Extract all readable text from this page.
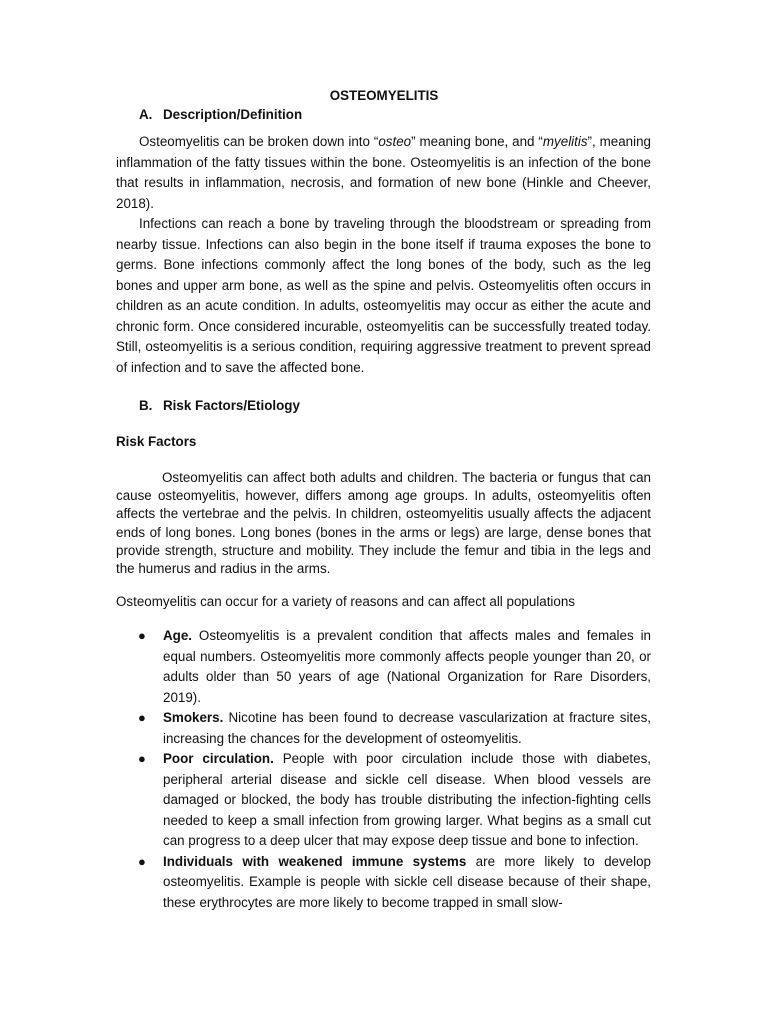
OSTEOMYELITIS
A. Description/Definition

Osteomyelitis can be broken down into “osteo” meaning bone, and “myelitis”, meaning inflammation of the fatty tissues within the bone. Osteomyelitis is an infection of the bone that results in inflammation, necrosis, and formation of new bone (Hinkle and Cheever, 2018).

Infections can reach a bone by traveling through the bloodstream or spreading from nearby tissue. Infections can also begin in the bone itself if trauma exposes the bone to germs. Bone infections commonly affect the long bones of the body, such as the leg bones and upper arm bone, as well as the spine and pelvis. Osteomyelitis often occurs in children as an acute condition. In adults, osteomyelitis may occur as either the acute and chronic form. Once considered incurable, osteomyelitis can be successfully treated today. Still, osteomyelitis is a serious condition, requiring aggressive treatment to prevent spread of infection and to save the affected bone.

B. Risk Factors/Etiology
Risk Factors

Osteomyelitis can affect both adults and children. The bacteria or fungus that can cause osteomyelitis, however, differs among age groups. In adults, osteomyelitis often affects the vertebrae and the pelvis. In children, osteomyelitis usually affects the adjacent ends of long bones. Long bones (bones in the arms or legs) are large, dense bones that provide strength, structure and mobility. They include the femur and tibia in the legs and the humerus and radius in the arms.

Osteomyelitis can occur for a variety of reasons and can affect all populations

● Age. Osteomyelitis is a prevalent condition that affects males and females in equal numbers. Osteomyelitis more commonly affects people younger than 20, or adults older than 50 years of age (National Organization for Rare Disorders, 2019).
● Smokers. Nicotine has been found to decrease vascularization at fracture sites, increasing the chances for the development of osteomyelitis.
● Poor circulation. People with poor circulation include those with diabetes, peripheral arterial disease and sickle cell disease. When blood vessels are damaged or blocked, the body has trouble distributing the infection-fighting cells needed to keep a small infection from growing larger. What begins as a small cut can progress to a deep ulcer that may expose deep tissue and bone to infection.
● Individuals with weakened immune systems are more likely to develop osteomyelitis. Example is people with sickle cell disease because of their shape, these erythrocytes are more likely to become trapped in small slow-
